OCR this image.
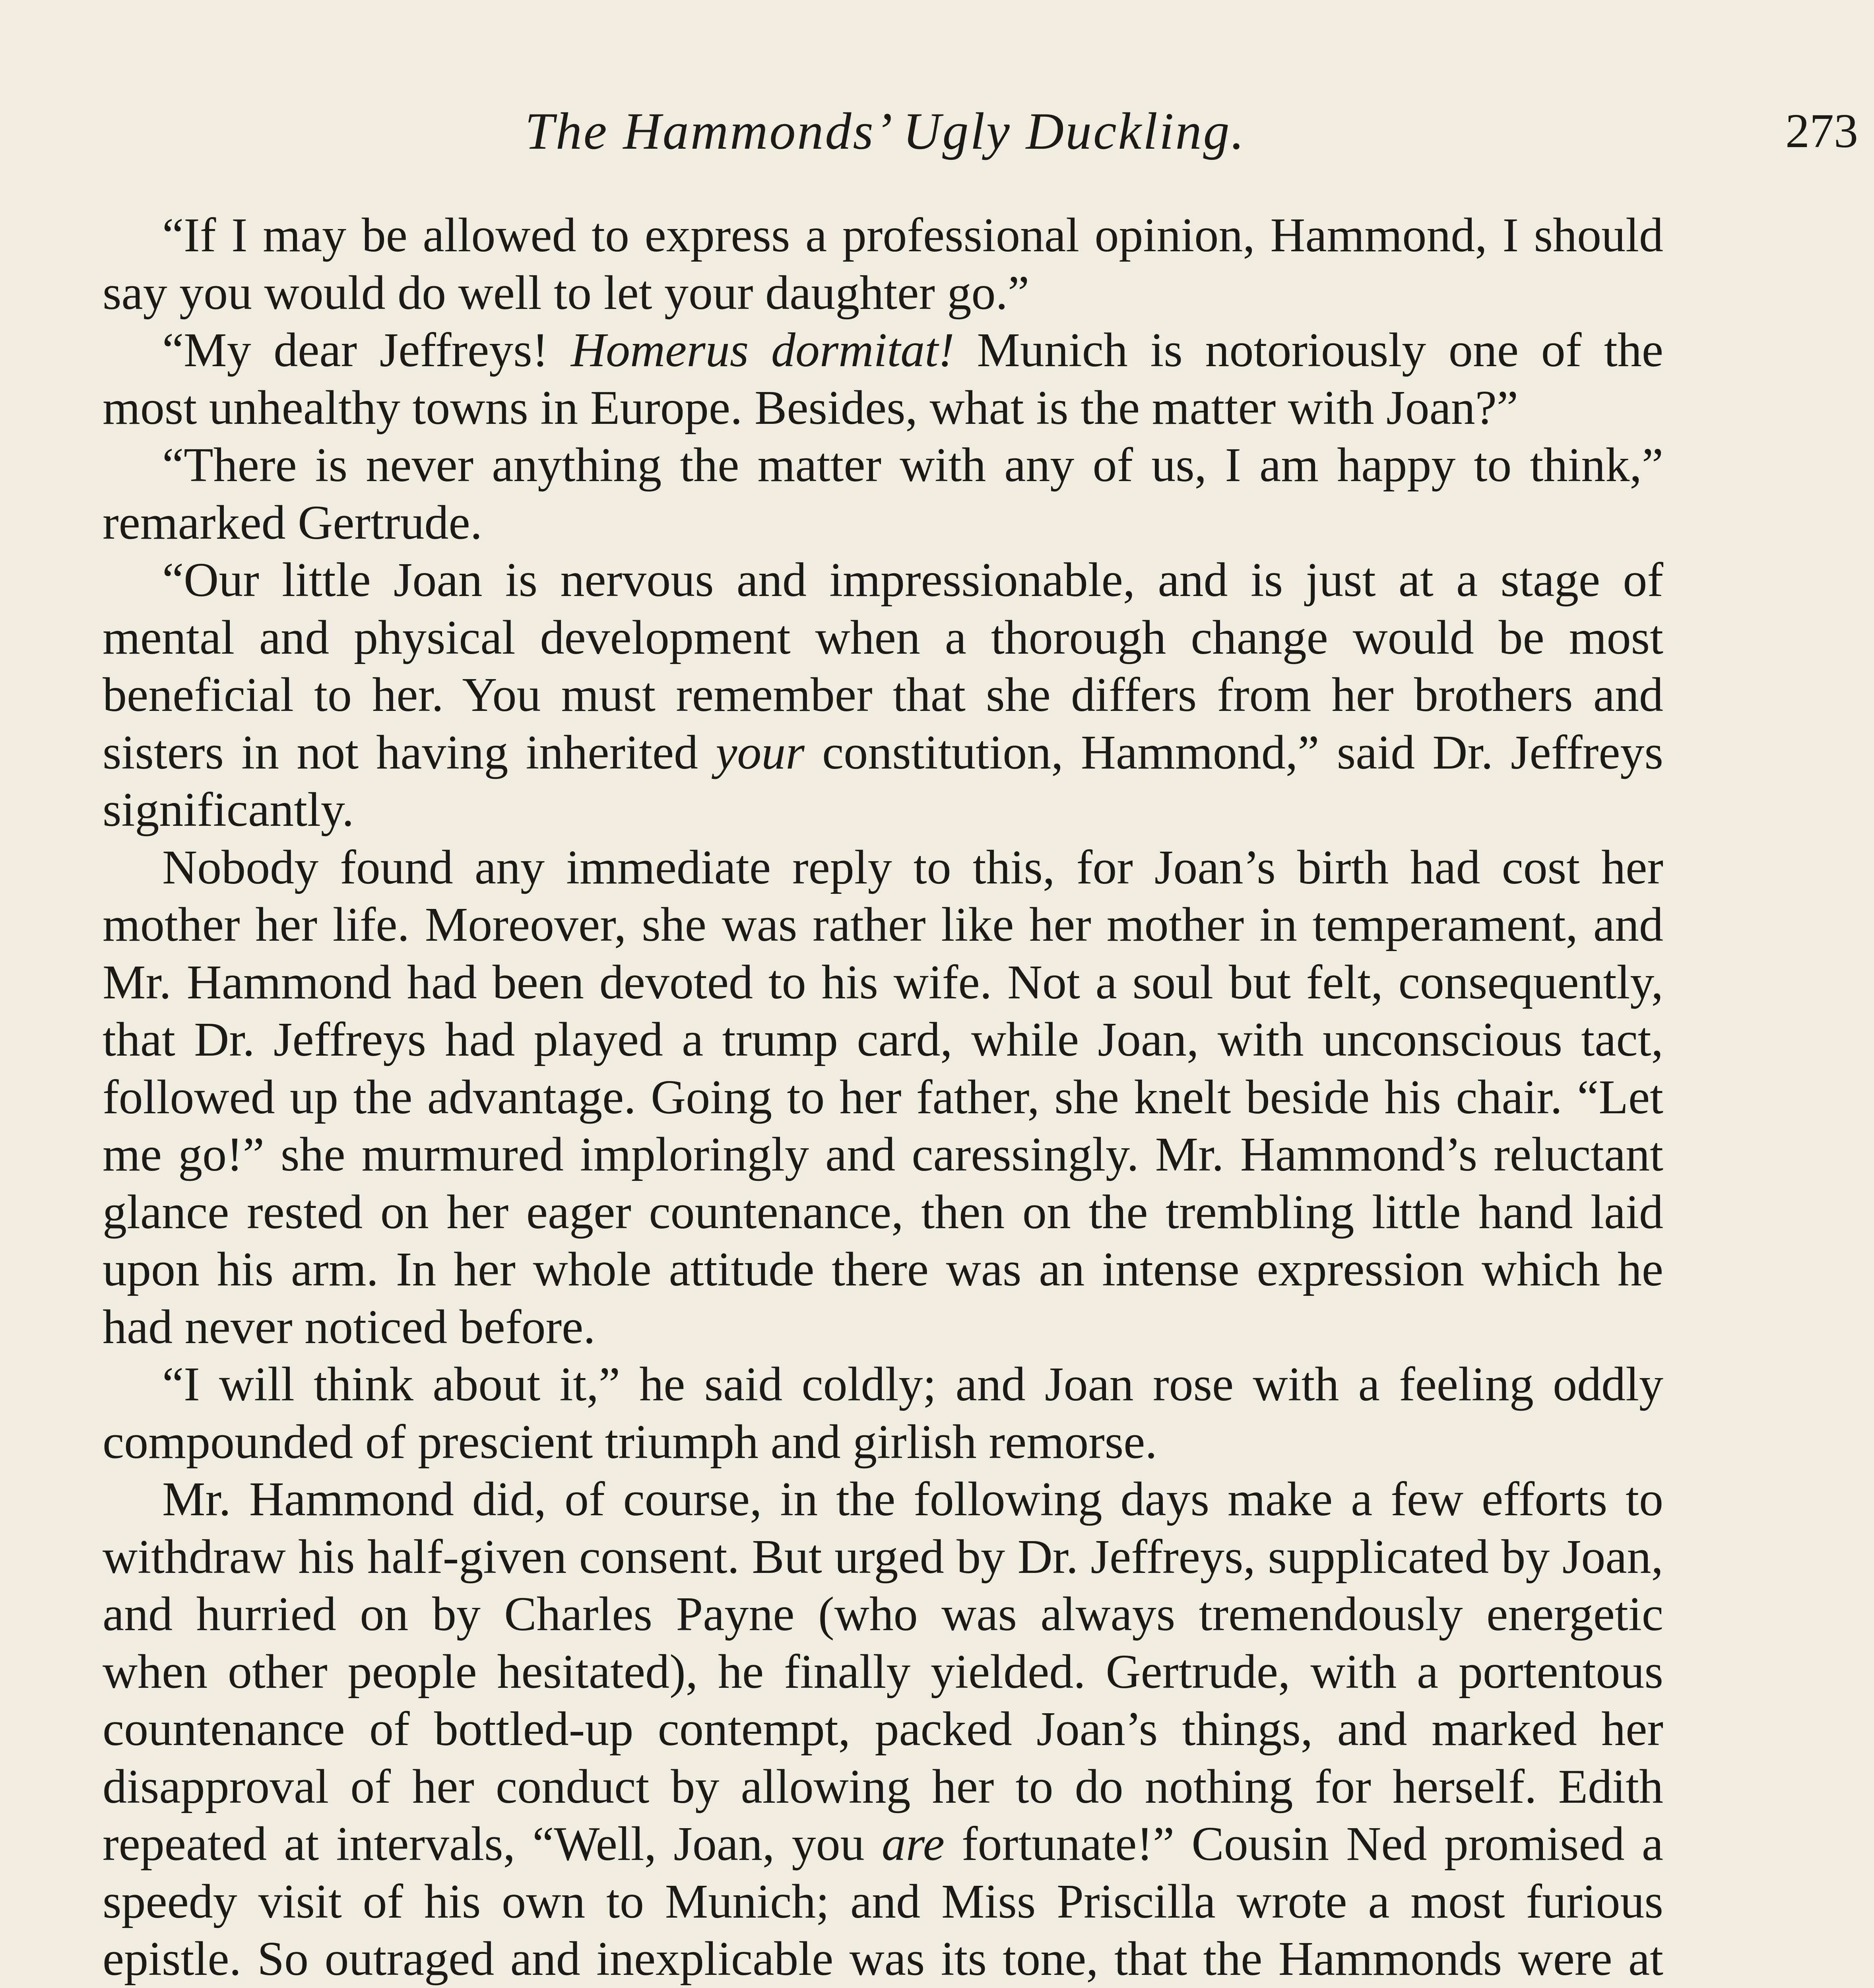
The Hammonds’ Ugly Duckling.	273

“If I may be allowed to express a professional opinion, Hammond, I should say you would do well to let your daughter go.”

“My dear Jeffreys! Homerus dormitat! Munich is notoriously one of the most unhealthy towns in Europe. Besides, what is the matter with Joan?”

“There is never anything the matter with any of us, I am happy to think,” remarked Gertrude.

“Our little Joan is nervous and impressionable, and is just at a stage of mental and physical development when a thorough change would be most beneficial to her. You must remember that she differs from her brothers and sisters in not having inherited your constitution, Hammond,” said Dr. Jeffreys significantly.

Nobody found any immediate reply to this, for Joan’s birth had cost her mother her life. Moreover, she was rather like her mother in temperament, and Mr. Hammond had been devoted to his wife. Not a soul but felt, consequently, that Dr. Jeffreys had played a trump card, while Joan, with unconscious tact, followed up the advantage. Going to her father, she knelt beside his chair. “Let me go!” she murmured imploringly and caressingly. Mr. Hammond’s reluctant glance rested on her eager countenance, then on the trembling little hand laid upon his arm. In her whole attitude there was an intense expression which he had never noticed before.

“I will think about it,” he said coldly; and Joan rose with a feeling oddly compounded of prescient triumph and girlish remorse.

Mr. Hammond did, of course, in the following days make a few efforts to withdraw his half-given consent. But urged by Dr. Jeffreys, supplicated by Joan, and hurried on by Charles Payne (who was always tremendously energetic when other people hesitated), he finally yielded. Gertrude, with a portentous countenance of bottled-up contempt, packed Joan’s things, and marked her disapproval of her conduct by allowing her to do nothing for herself. Edith repeated at intervals, “Well, Joan, you are fortunate!” Cousin Ned promised a speedy visit of his own to Munich; and Miss Priscilla wrote a most furious epistle. So outraged and inexplicable was its tone, that the Hammonds were at
